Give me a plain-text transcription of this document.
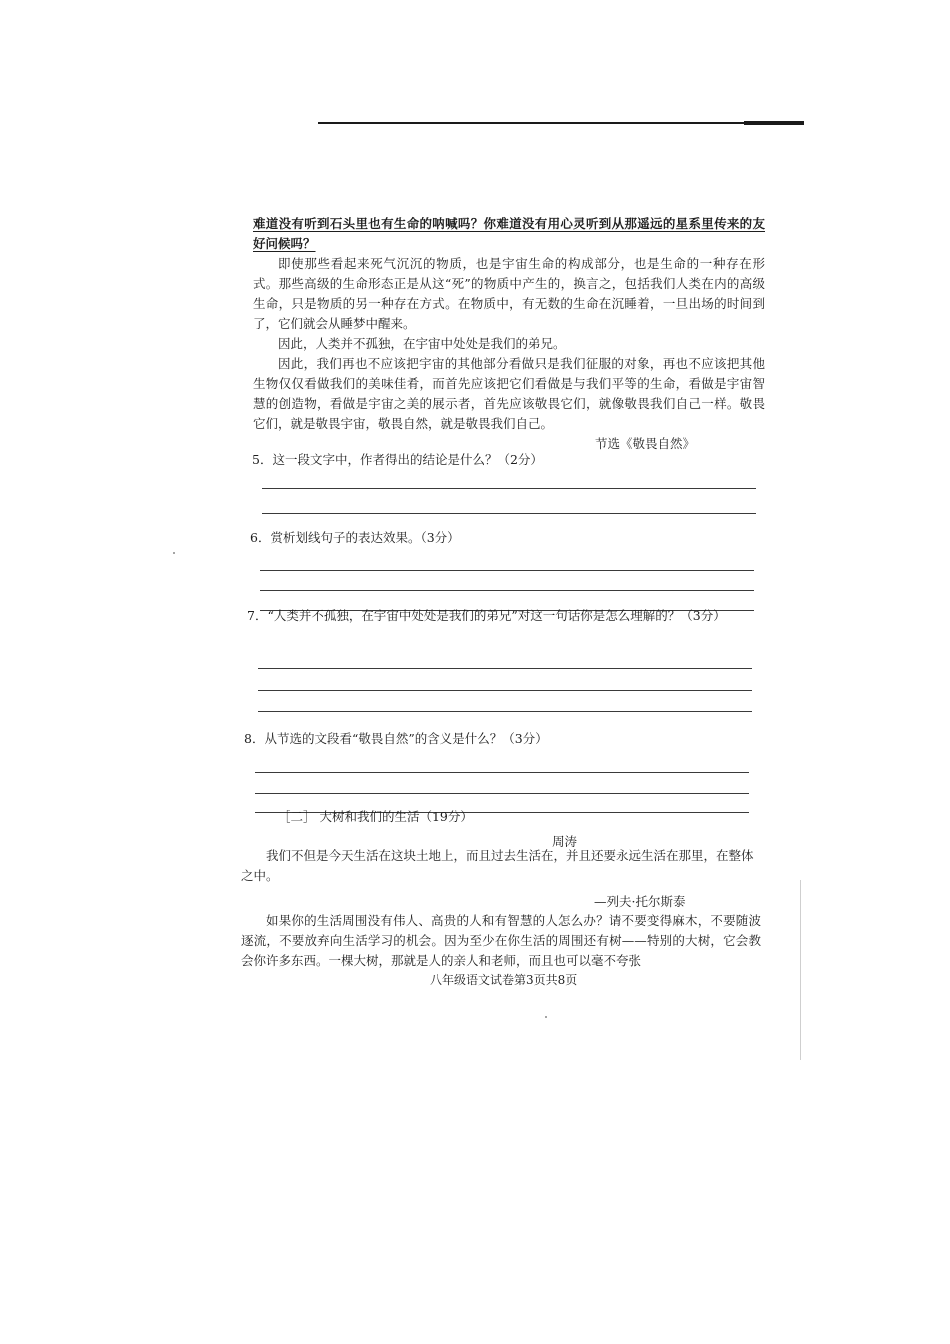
难道没有听到石头里也有生命的呐喊吗？你难道没有用心灵听到从那遥远的星系里传来的友好问候吗？

即使那些看起来死气沉沉的物质，也是宇宙生命的构成部分，也是生命的一种存在形式。那些高级的生命形态正是从这“死”的物质中产生的，换言之，包括我们人类在内的高级生命，只是物质的另一种存在方式。在物质中，有无数的生命在沉睡着，一旦出场的时间到了，它们就会从睡梦中醒来。

因此，人类并不孤独，在宇宙中处处是我们的弟兄。

因此，我们再也不应该把宇宙的其他部分看做只是我们征服的对象，再也不应该把其他生物仅仅看做我们的美味佳肴，而首先应该把它们看做是与我们平等的生命，看做是宇宙智慧的创造物，看做是宇宙之美的展示者，首先应该敬畏它们，就像敬畏我们自己一样。敬畏它们，就是敬畏宇宙，敬畏自然，就是敬畏我们自己。

节选《敬畏自然》

5．这一段文字中，作者得出的结论是什么？（2分）
6．赏析划线句子的表达效果。（3分）
7．“人类并不孤独，在宇宙中处处是我们的弟兄”对这一句话你是怎么理解的？（3分）
8．从节选的文段看“敬畏自然”的含义是什么？（3分）
［二］ 大树和我们的生活（19分）
周涛

我们不但是今天生活在这块土地上，而且过去生活在，并且还要永远生活在那里，在整体之中。

—列夫·托尔斯泰

如果你的生活周围没有伟人、高贵的人和有智慧的人怎么办？请不要变得麻木，不要随波逐流，不要放弃向生活学习的机会。因为至少在你生活的周围还有树——特别的大树，它会教会你许多东西。一棵大树，那就是人的亲人和老师，而且也可以毫不夸张

八年级语文试卷第3页共8页
